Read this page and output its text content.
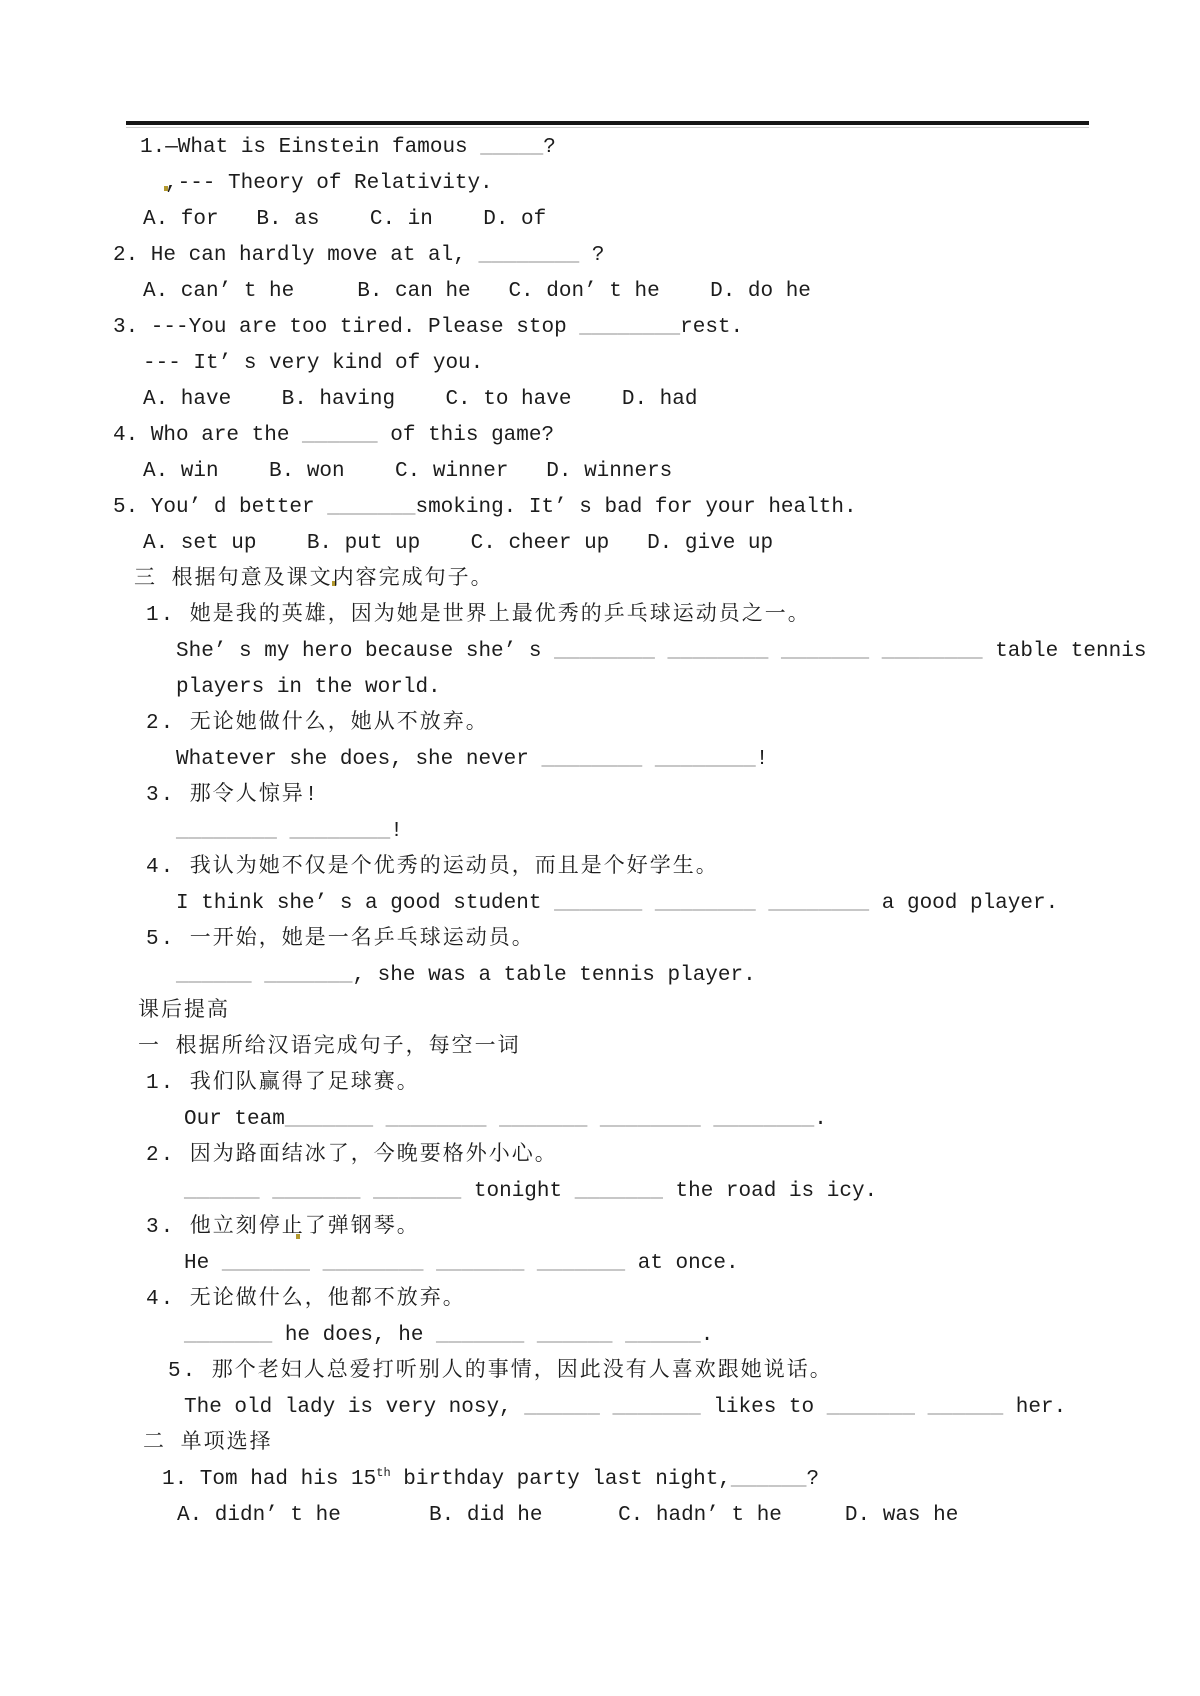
1.—What is Einstein famous _____?
,--- Theory of Relativity.
A. for   B. as    C. in    D. of
2. He can hardly move at al, ________ ?
A. can’ t he     B. can he   C. don’ t he    D. do he
3. ---You are too tired. Please stop ________rest.
--- It’ s very kind of you.
A. have    B. having    C. to have    D. had
4. Who are the ______ of this game?
A. win    B. won    C. winner   D. winners
5. You’ d better _______smoking. It’ s bad for your health.
A. set up    B. put up    C. cheer up   D. give up
三 根据句意及课文内容完成句子。
1. 她是我的英雄，因为她是世界上最优秀的乒乓球运动员之一。
She’ s my hero because she’ s ________ ________ _______ ________ table tennis
players in the world.
2. 无论她做什么，她从不放弃。
Whatever she does, she never ________ ________!
3. 那令人惊异!
________ ________!
4. 我认为她不仅是个优秀的运动员，而且是个好学生。
I think she’ s a good student _______ ________ ________ a good player.
5. 一开始，她是一名乒乓球运动员。
______ _______, she was a table tennis player.
课后提高
一 根据所给汉语完成句子，每空一词
1. 我们队赢得了足球赛。
Our team_______ ________ _______ ________ ________.
2. 因为路面结冰了，今晚要格外小心。
______ _______ _______ tonight _______ the road is icy.
3. 他立刻停止了弹钢琴。
He _______ ________ _______ _______ at once.
4. 无论做什么，他都不放弃。
_______ he does, he _______ ______ ______.
5. 那个老妇人总爱打听别人的事情，因此没有人喜欢跟她说话。
The old lady is very nosy, ______ _______ likes to _______ ______ her.
二 单项选择
1. Tom had his 15th birthday party last night,______?
A. didn’ t he       B. did he      C. hadn’ t he     D. was he
